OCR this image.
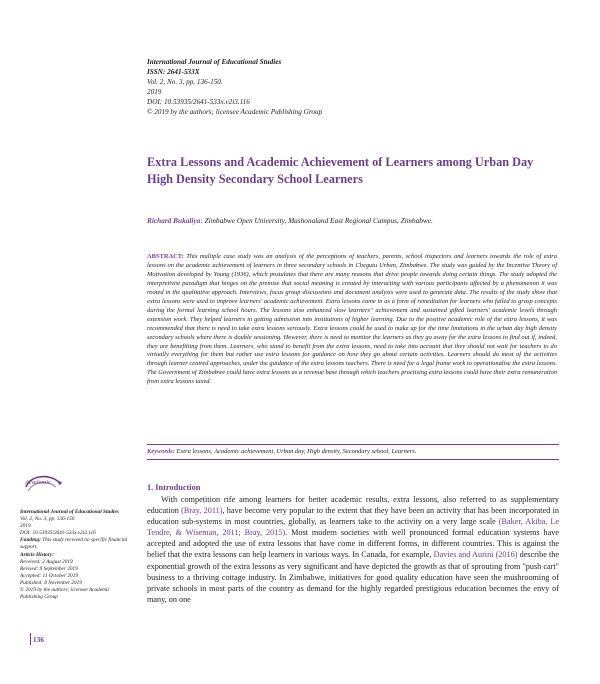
International Journal of Educational Studies
ISSN: 2641-533X
Vol. 2, No. 3, pp. 136-150.
2019
DOI: 10.53935/2641-533x.v2i3.116
© 2019 by the authors; licensee Academic Publishing Group
Extra Lessons and Academic Achievement of Learners among Urban Day High Density Secondary School Learners
Richard Bukaliya: Zimbabwe Open University, Mashonaland East Regional Campus, Zimbabwe.
ABSTRACT: This multiple case study was an analysis of the perceptions of teachers, parents, school inspectors and learners towards the role of extra lessons on the academic achievement of learners in three secondary schools in Chegutu Urban, Zimbabwe. The study was guided by the Incentive Theory of Motivation developed by Young (1936), which postulates that there are many reasons that drive people towards doing certain things. The study adopted the interpretivist paradigm that hinges on the premise that social meaning is created by interacting with various participants affected by a phenomenon it was rooted in the qualitative approach. Interviews, focus group discussions and document analysis were used to generate data. The results of the study show that extra lessons were used to improve learners' academic achievement. Extra lessons came in as a form of remediation for learners who failed to grasp concepts during the formal learning school hours. The lessons also enhanced slow learners'' achievement and sustained gifted learners' academic levels through extension work. They helped learners in getting admission into institutions of higher learning. Due to the positive academic role of the extra lessons, it was recommended that there is need to take extra lessons seriously. Extra lessons could be used to make up for the time limitations in the urban day high density secondary schools where there is double sessioning. However, there is need to monitor the learners as they go away for the extra lessons to find out if, indeed, they are benefitting from them. Learners, who stand to benefit from the extra lessons, need to take into account that they should not wait for teachers to do virtually everything for them but rather use extra lessons for guidance on how they go about certain activities. Learners should do most of the activities through learner centred approaches, under the guidance of the extra lessons teachers. There is need for a legal frame work to operationalise the extra lessons. The Government of Zimbabwe could have extra lessons as a revenue base through which teachers practising extra lessons could have their extra remuneration from extra lessons taxed.
Keywords: Extra lessons, Academic achievement, Urban day, High density, Secondary school, Learners.
Academic
International Journal of Educational Studies
Vol. 2, No. 3, pp. 136-150
2019
DOI: 10.53935/2641-533x.v2i3.116
Funding: This study received no specific financial support.
Article History:
Received: 2 August 2019
Revised: 9 September 2019
Accepted: 11 October 2019
Published: 8 November 2019
© 2019 by the authors; licensee Academic Publishing Group
136
1. Introduction
With competition rife among learners for better academic results, extra lessons, also referred to as supplementary education (Bray, 2011), have become very popular to the extent that they have been an activity that has been incorporated in education sub-systems in most countries, globally, as learners take to the activity on a very large scale (Baker, Akiba, Le Tendre, & Wiseman, 2011; Bray, 2015). Most modern societies with well pronounced formal education systems have accepted and adopted the use of extra lessons that have come in different forms, in different countries. This is against the belief that the extra lessons can help learners in various ways. In Canada, for example, Davies and Aurini (2016) describe the exponential growth of the extra lessons as very significant and have depicted the growth as that of sprouting from "push cart" business to a thriving cottage industry. In Zimbabwe, initiatives for good quality education have seen the mushrooming of private schools in most parts of the country as demand for the highly regarded prestigious education becomes the envy of many, on one
